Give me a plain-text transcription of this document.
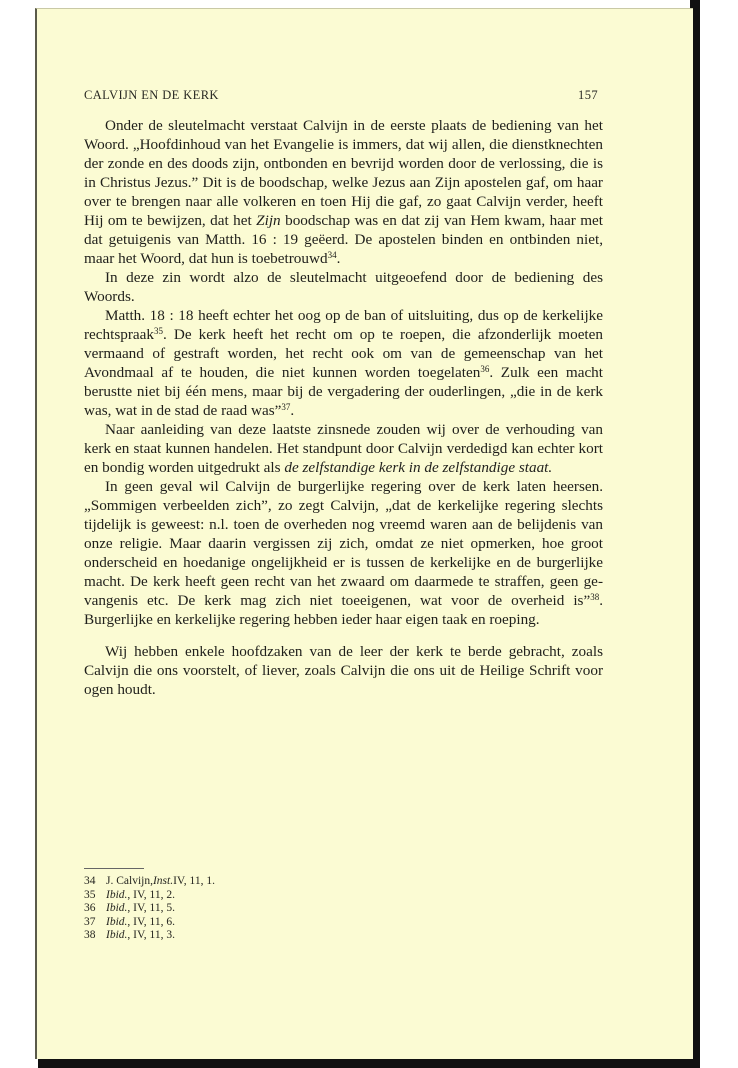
CALVIJN EN DE KERK	157

Onder de sleutelmacht verstaat Calvijn in de eerste plaats de bediening van het Woord. „Hoofdinhoud van het Evangelie is immers, dat wij allen, die dienstknechten der zonde en des doods zijn, ontbonden en bevrijd worden door de verlossing, die is in Christus Jezus.” Dit is de boodschap, welke Jezus aan Zijn apostelen gaf, om haar over te brengen naar alle volkeren en toen Hij die gaf, zo gaat Calvijn verder, heeft Hij om te bewijzen, dat het Zijn boodschap was en dat zij van Hem kwam, haar met dat getuigenis van Matth. 16 : 19 geëerd. De apostelen binden en ontbinden niet, maar het Woord, dat hun is toebetrouwd$^{34}$.

In deze zin wordt alzo de sleutelmacht uitgeoefend door de bediening des Woords.

Matth. 18 : 18 heeft echter het oog op de ban of uitsluiting, dus op de kerkelijke rechtspraak$^{35}$. De kerk heeft het recht om op te roepen, die afzonderlijk moeten vermaand of gestraft worden, het recht ook om van de gemeenschap van het Avondmaal af te houden, die niet kunnen worden toegelaten$^{36}$. Zulk een macht berustte niet bij één mens, maar bij de vergadering der ouderlingen, „die in de kerk was, wat in de stad de raad was”$^{37}$.

Naar aanleiding van deze laatste zinsnede zouden wij over de verhouding van kerk en staat kunnen handelen. Het standpunt door Calvijn verdedigd kan echter kort en bondig worden uitgedrukt als de zelfstandige kerk in de zelfstandige staat.

In geen geval wil Calvijn de burgerlijke regering over de kerk laten heersen. „Sommigen verbeelden zich”, zo zegt Calvijn, „dat de kerkelijke regering slechts tijdelijk is geweest: n.l. toen de overheden nog vreemd waren aan de belijdenis van onze religie. Maar daarin vergissen zij zich, omdat ze niet opmerken, hoe groot onderscheid en hoedanige ongelijkheid er is tussen de kerkelijke en de burgerlijke macht. De kerk heeft geen recht van het zwaard om daarmede te straffen, geen gevangenis etc. De kerk mag zich niet toeeigenen, wat voor de overheid is”$^{38}$. Burgerlijke en kerkelijke regering hebben ieder haar eigen taak en roeping.

Wij hebben enkele hoofdzaken van de leer der kerk te berde gebracht, zoals Calvijn die ons voorstelt, of liever, zoals Calvijn die ons uit de Heilige Schrift voor ogen houdt.

34 J. Calvijn, Inst. IV, 11, 1.
35 Ibid. , IV, 11, 2.
36 Ibid. , IV, 11, 5.
37 Ibid. , IV, 11, 6.
38 Ibid. , IV, 11, 3.
